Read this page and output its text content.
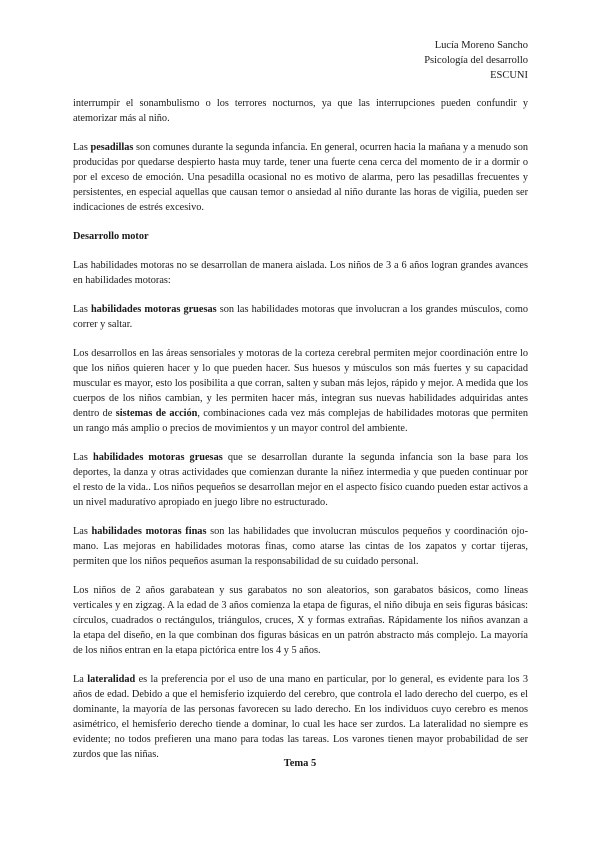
Lucía Moreno Sancho
Psicología del desarrollo
ESCUNI

interrumpir el sonambulismo o los terrores nocturnos, ya que las interrupciones pueden confundir y atemorizar más al niño.

Las pesadillas son comunes durante la segunda infancia. En general, ocurren hacia la mañana y a menudo son producidas por quedarse despierto hasta muy tarde, tener una fuerte cena cerca del momento de ir a dormir o por el exceso de emoción. Una pesadilla ocasional no es motivo de alarma, pero las pesadillas frecuentes y persistentes, en especial aquellas que causan temor o ansiedad al niño durante las horas de vigilia, pueden ser indicaciones de estrés excesivo.

Desarrollo motor

Las habilidades motoras no se desarrollan de manera aislada. Los niños de 3 a 6 años logran grandes avances en habilidades motoras:

Las habilidades motoras gruesas son las habilidades motoras que involucran a los grandes músculos, como correr y saltar.

Los desarrollos en las áreas sensoriales y motoras de la corteza cerebral permiten mejor coordinación entre lo que los niños quieren hacer y lo que pueden hacer. Sus huesos y músculos son más fuertes y su capacidad muscular es mayor, esto los posibilita a que corran, salten y suban más lejos, rápido y mejor. A medida que los cuerpos de los niños cambian, y les permiten hacer más, integran sus nuevas habilidades adquiridas antes dentro de sistemas de acción, combinaciones cada vez más complejas de habilidades motoras que permiten un rango más amplio o precios de movimientos y un mayor control del ambiente.

Las habilidades motoras gruesas que se desarrollan durante la segunda infancia son la base para los deportes, la danza y otras actividades que comienzan durante la niñez intermedia y que pueden continuar por el resto de la vida.. Los niños pequeños se desarrollan mejor en el aspecto físico cuando pueden estar activos a un nivel maduratívo apropiado en juego libre no estructurado.

Las habilidades motoras finas son las habilidades que involucran músculos pequeños y coordinación ojo-mano. Las mejoras en habilidades motoras finas, como atarse las cintas de los zapatos y cortar tijeras, permiten que los niños pequeños asuman la responsabilidad de su cuidado personal.

Los niños de 2 años garabatean y sus garabatos no son aleatorios, son garabatos básicos, como líneas verticales y en zigzag. A la edad de 3 años comienza la etapa de figuras, el niño dibuja en seis figuras básicas: círculos, cuadrados o rectángulos, triángulos, cruces, X y formas extrañas. Rápidamente los niños avanzan a la etapa del diseño, en la que combinan dos figuras básicas en un patrón abstracto más complejo. La mayoría de los niños entran en la etapa pictórica entre los 4 y 5 años.

La lateralidad es la preferencia por el uso de una mano en particular, por lo general, es evidente para los 3 años de edad. Debido a que el hemisferio izquierdo del cerebro, que controla el lado derecho del cuerpo, es el dominante, la mayoría de las personas favorecen su lado derecho. En los individuos cuyo cerebro es menos asimétrico, el hemisferio derecho tiende a dominar, lo cual les hace ser zurdos. La lateralidad no siempre es evidente; no todos prefieren una mano para todas las tareas. Los varones tienen mayor probabilidad de ser zurdos que las niñas.

Tema 5
